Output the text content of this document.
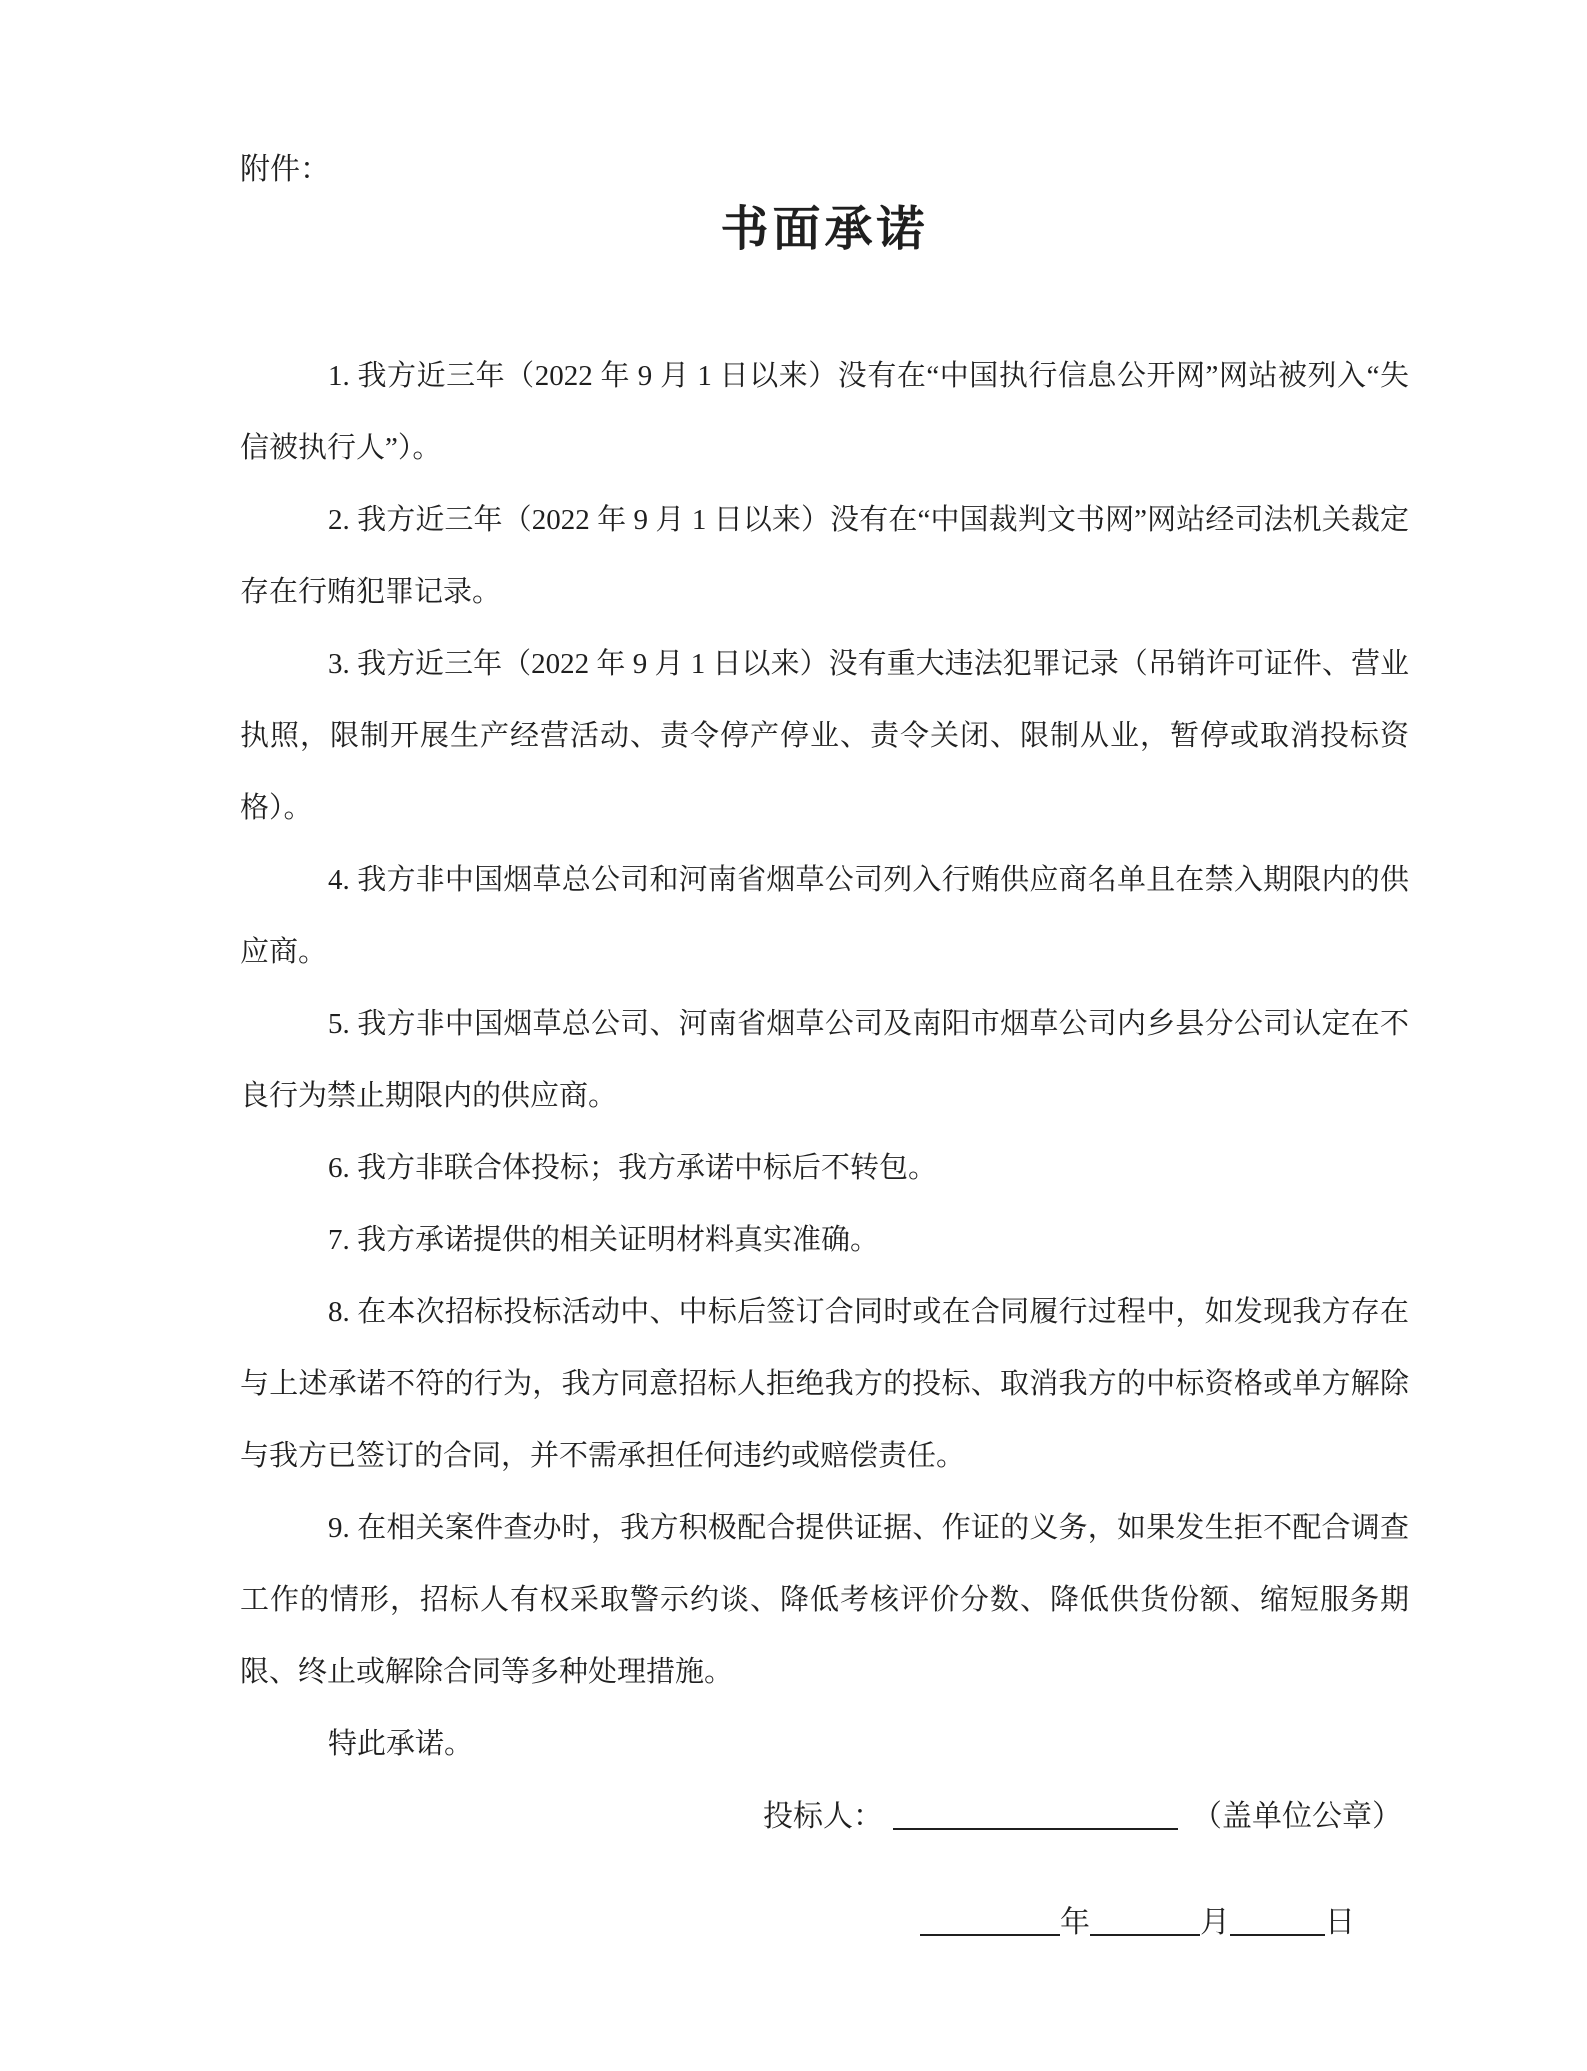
附件：

书面承诺

1. 我方近三年（2022 年 9 月 1 日以来）没有在“中国执行信息公开网”网站被列入“失信被执行人”）。

2. 我方近三年（2022 年 9 月 1 日以来）没有在“中国裁判文书网”网站经司法机关裁定存在行贿犯罪记录。

3. 我方近三年（2022 年 9 月 1 日以来）没有重大违法犯罪记录（吊销许可证件、营业执照，限制开展生产经营活动、责令停产停业、责令关闭、限制从业，暂停或取消投标资格）。

4. 我方非中国烟草总公司和河南省烟草公司列入行贿供应商名单且在禁入期限内的供应商。

5. 我方非中国烟草总公司、河南省烟草公司及南阳市烟草公司内乡县分公司认定在不良行为禁止期限内的供应商。

6. 我方非联合体投标；我方承诺中标后不转包。

7. 我方承诺提供的相关证明材料真实准确。

8. 在本次招标投标活动中、中标后签订合同时或在合同履行过程中，如发现我方存在与上述承诺不符的行为，我方同意招标人拒绝我方的投标、取消我方的中标资格或单方解除与我方已签订的合同，并不需承担任何违约或赔偿责任。

9. 在相关案件查办时，我方积极配合提供证据、作证的义务，如果发生拒不配合调查工作的情形，招标人有权采取警示约谈、降低考核评价分数、降低供货份额、缩短服务期限、终止或解除合同等多种处理措施。

特此承诺。

投标人：	（盖单位公章）
年	月	日
